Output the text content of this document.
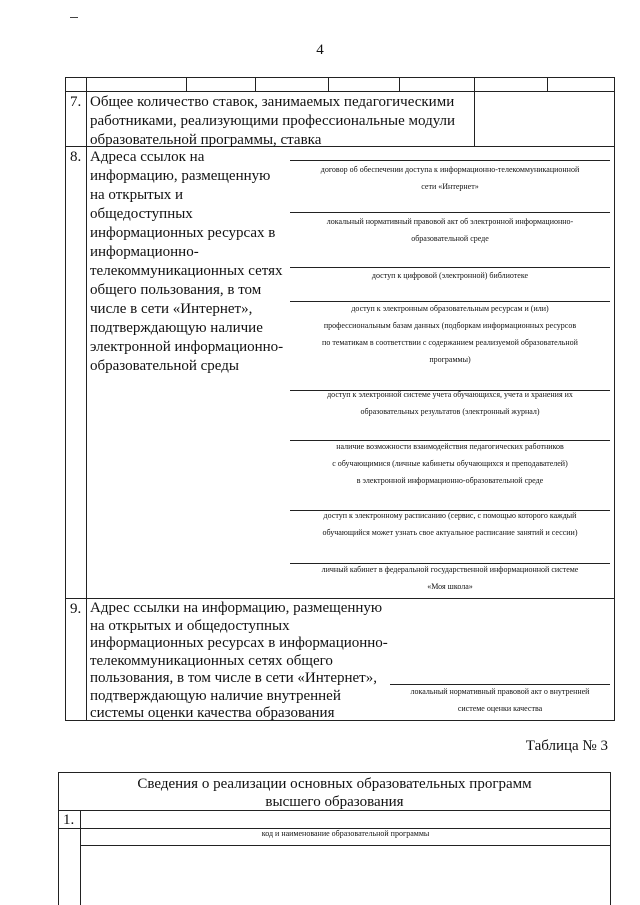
4
7. Общее количество ставок, занимаемых педагогическими
работниками, реализующими профессиональные модули
образовательной программы, ставка
8. Адреса ссылок на
информацию, размещенную
на открытых и
общедоступных
информационных ресурсах в
информационно-
телекоммуникационных сетях
общего пользования, в том
числе в сети «Интернет»,
подтверждающую наличие
электронной информационно-
образовательной среды
договор об обеспечении доступа к информационно-телекоммуникационной
сети «Интернет»
локальный нормативный правовой акт об электронной информационно-
образовательной среде
доступ к цифровой (электронной) библиотеке
доступ к электронным образовательным ресурсам и (или)
профессиональным базам данных (подборкам информационных ресурсов
по тематикам в соответствии с содержанием реализуемой образовательной
программы)
доступ к электронной системе учета обучающихся, учета и хранения их
образовательных результатов (электронный журнал)
наличие возможности взаимодействия педагогических работников
с обучающимися (личные кабинеты обучающихся и преподавателей)
в электронной информационно-образовательной среде
доступ к электронному расписанию (сервис, с помощью которого каждый
обучающийся может узнать свое актуальное расписание занятий и сессии)
личный кабинет в федеральной государственной информационной системе
«Моя школа»
9. Адрес ссылки на информацию, размещенную
на открытых и общедоступных
информационных ресурсах в информационно-
телекоммуникационных сетях общего
пользования, в том числе в сети «Интернет»,
подтверждающую наличие внутренней
системы оценки качества образования
локальный нормативный правовой акт о внутренней
системе оценки качества
Таблица № 3
Сведения о реализации основных образовательных программ
высшего образования
1.
код и наименование образовательной программы
